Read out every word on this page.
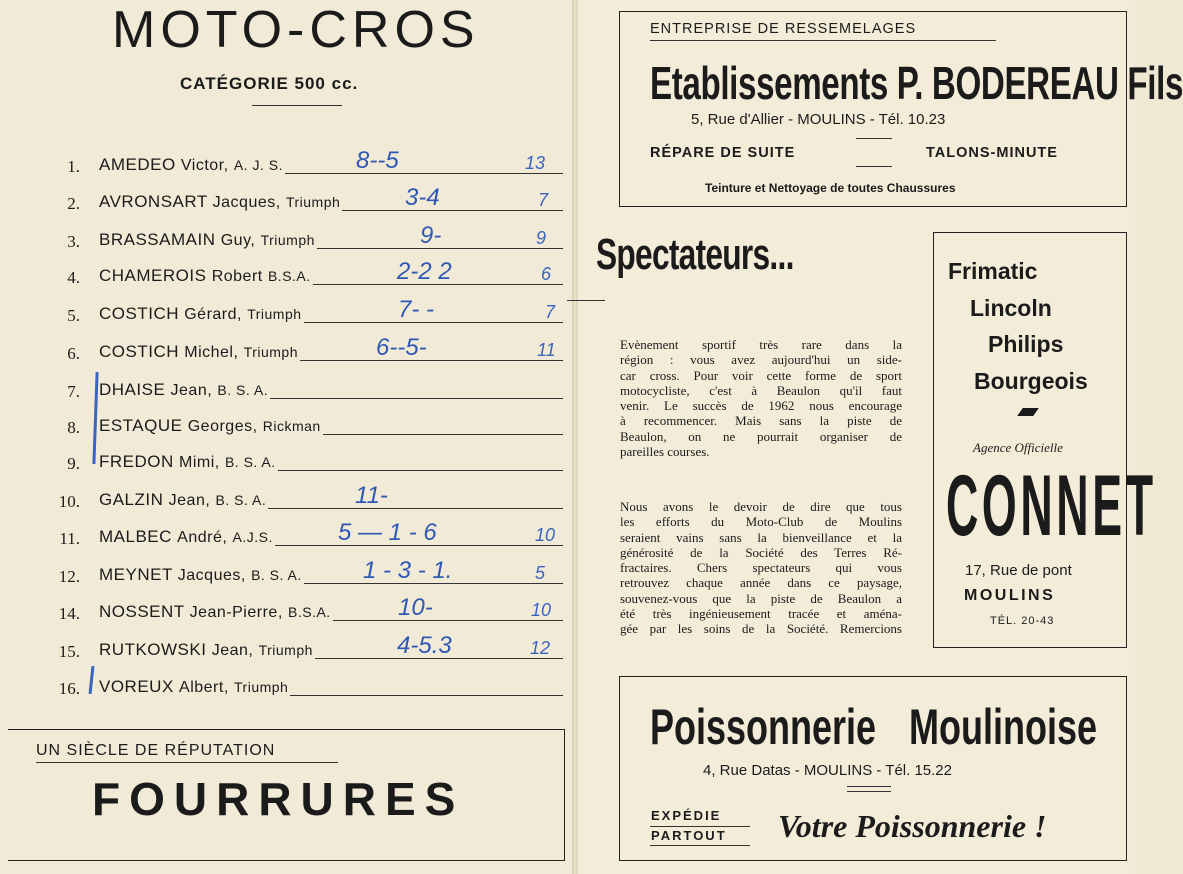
MOTO-CROS
CATÉGORIE 500 cc.
1. AMEDEO Victor, A. J. S.	8--5	13
2. AVRONSART Jacques, Triumph	3-4	7
3. BRASSAMAIN Guy, Triumph	9-	9
4. CHAMEROIS Robert B.S.A.	2-2 2	6
5. COSTICH Gérard, Triumph	7- -	7
6. COSTICH Michel, Triumph	6--5-	11
7. DHAISE Jean, B. S. A.
8. ESTAQUE Georges, Rickman
9. FREDON Mimi, B. S. A.
10. GALZIN Jean, B. S. A.	11-
11. MALBEC André, A.J.S.	5 — 1 - 6	10
12. MEYNET Jacques, B. S. A.	1 - 3 - 1.	5
14. NOSSENT Jean-Pierre, B.S.A.	10-	10
15. RUTKOWSKI Jean, Triumph	4-5.3	12
16. VOREUX Albert, Triumph
UN SIÈCLE DE RÉPUTATION
FOURRURES
ENTREPRISE DE RESSEMELAGES
Etablissements P. BODEREAU Fils
5, Rue d'Allier - MOULINS - Tél. 10.23
RÉPARE DE SUITE	TALONS-MINUTE
Teinture et Nettoyage de toutes Chaussures
Spectateurs...
Evènement sportif très rare dans la
région : vous avez aujourd'hui un side-
car cross. Pour voir cette forme de sport
motocycliste, c'est à Beaulon qu'il faut
venir. Le succès de 1962 nous encourage
à recommencer. Mais sans la piste de
Beaulon, on ne pourrait organiser de
pareilles courses.
Nous avons le devoir de dire que tous
les efforts du Moto-Club de Moulins
seraient vains sans la bienveillance et la
générosité de la Société des Terres Ré-
fractaires. Chers spectateurs qui vous
retrouvez chaque année dans ce paysage,
souvenez-vous que la piste de Beaulon a
été très ingénieusement tracée et aména-
gée par les soins de la Société. Remercions
Frimatic
Lincoln
Philips
Bourgeois
Agence Officielle
CONNET
17, Rue de pont
MOULINS
TÉL. 20-43
Poissonnerie Moulinoise
4, Rue Datas - MOULINS - Tél. 15.22
EXPÉDIE
PARTOUT Votre Poissonnerie !
